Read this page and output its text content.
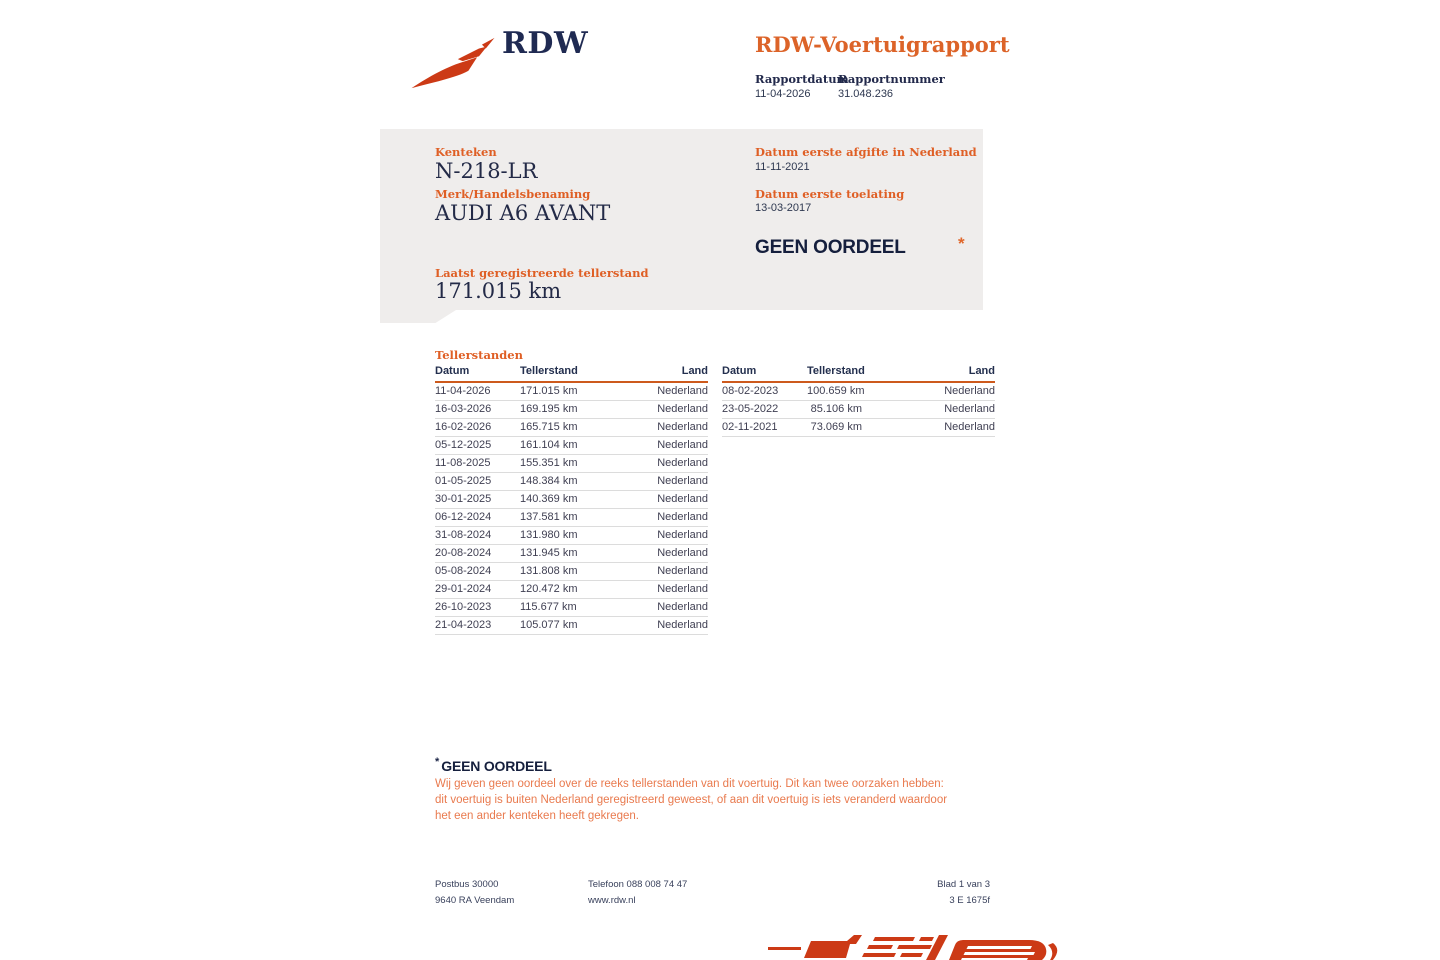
RDW	RDW-Voertuigrapport
Rapportdatum
Rapportnummer
11-04-2026	31.048.236
Kenteken
N-218-LR
Merk/Handelsbenaming
AUDI A6 AVANT
Laatst geregistreerde tellerstand
171.015 km
Datum eerste afgifte in Nederland
11-11-2021
Datum eerste toelating
13-03-2017
GEEN OORDEEL	*
Tellerstanden
Datum	Tellerstand	Land
11-04-2026	171.015 km	Nederland
16-03-2026	169.195 km	Nederland
16-02-2026	165.715 km	Nederland
05-12-2025	161.104 km	Nederland
11-08-2025	155.351 km	Nederland
01-05-2025	148.384 km	Nederland
30-01-2025	140.369 km	Nederland
06-12-2024	137.581 km	Nederland
31-08-2024	131.980 km	Nederland
20-08-2024	131.945 km	Nederland
05-08-2024	131.808 km	Nederland
29-01-2024	120.472 km	Nederland
26-10-2023	115.677 km	Nederland
21-04-2023	105.077 km	Nederland
Datum	Tellerstand	Land
08-02-2023	100.659 km	Nederland
23-05-2022	85.106 km	Nederland
02-11-2021	73.069 km	Nederland
* GEEN OORDEEL

Wij geven geen oordeel over de reeks tellerstanden van dit voertuig. Dit kan twee oorzaken hebben: dit voertuig is buiten Nederland geregistreerd geweest, of aan dit voertuig is iets veranderd waardoor het een ander kenteken heeft gekregen.

Postbus 30000
9640 RA Veendam
Telefoon 088 008 74 47
www.rdw.nl
Blad 1 van 3
3 E 1675f
